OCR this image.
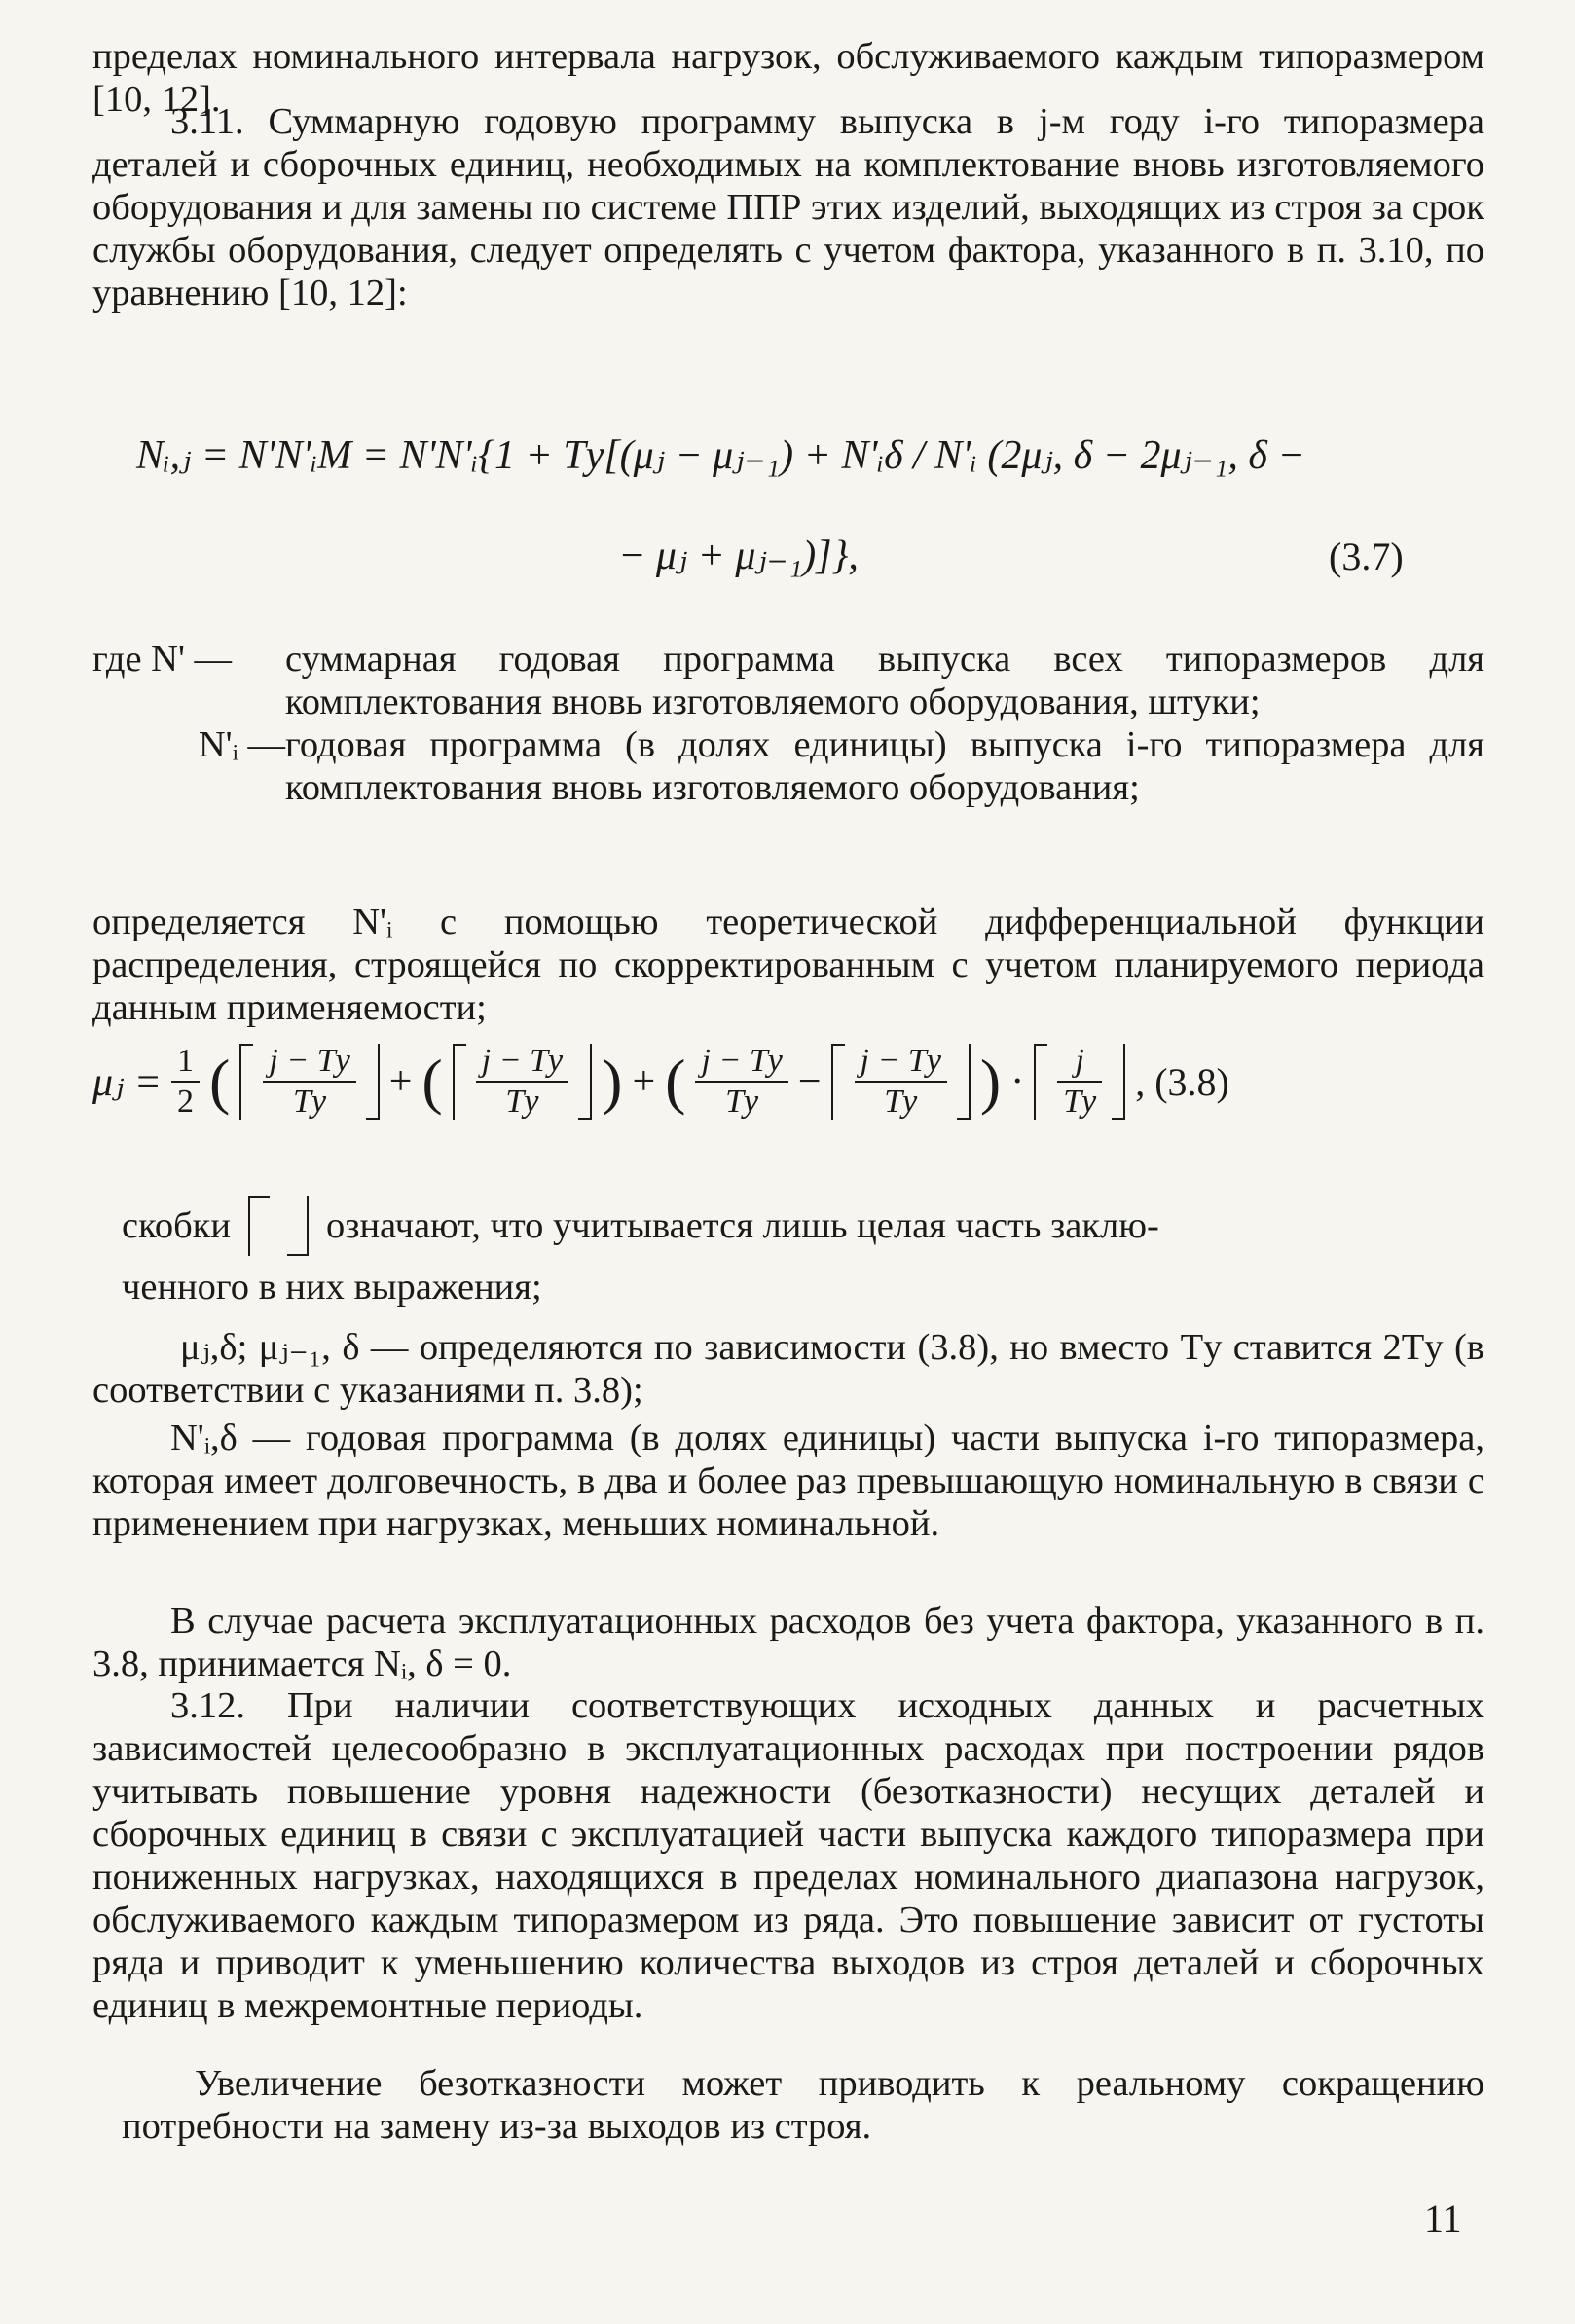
пределах номинального интервала нагрузок, обслуживаемого каждым типоразмером [10, 12].

3.11. Суммарную годовую программу выпуска в j-м году i-го типоразмера деталей и сборочных единиц, необходимых на комплектование вновь изготовляемого оборудования и для замены по системе ППР этих изделий, выходящих из строя за срок службы оборудования, следует определять с учетом фактора, указанного в п. 3.10, по уравнению [10, 12]:

Nᵢ,ⱼ = N'N'ᵢM = N'N'ᵢ{1 + Tу[(μⱼ − μⱼ₋₁) + N'ᵢδ / N'ᵢ (2μⱼ, δ − 2μⱼ₋₁, δ −
− μⱼ + μⱼ₋₁)]},	(3.7)
где N' —	суммарная годовая программа выпуска всех типоразмеров для комплектования вновь изготовляемого оборудования, штуки;
N'ᵢ — годовая программа (в долях единицы) выпуска i-го типоразмера для комплектования вновь изготовляемого оборудования;

определяется N'ᵢ с помощью теоретической дифференциальной функции распределения, строящейся по скорректированным с учетом планируемого периода данным применяемости;

μⱼ = $\frac{1}{2}$ ( $\frac{j - Tу}{Tу}$ + ( $\frac{j - Tу}{Tу}$ ) + ( $\frac{j - Tу}{Tу} - \frac{j - Tу}{Tу}$ ) · $\frac{j}{Tу}$ , (3.8)
скобки	означают, что учитывается лишь целая часть заклю-

ченного в них выражения;

μⱼ,δ; μⱼ₋₁, δ — определяются по зависимости (3.8), но вместо Tу ставится 2Tу (в соответствии с указаниями п. 3.8);

N'ᵢ,δ — годовая программа (в долях единицы) части выпуска i-го типоразмера, которая имеет долговечность, в два и более раз превышающую номинальную в связи с применением при нагрузках, меньших номинальной.

В случае расчета эксплуатационных расходов без учета фактора, указанного в п. 3.8, принимается Nᵢ, δ = 0.

3.12. При наличии соответствующих исходных данных и расчетных зависимостей целесообразно в эксплуатационных расходах при построении рядов учитывать повышение уровня надежности (безотказности) несущих деталей и сборочных единиц в связи с эксплуатацией части выпуска каждого типоразмера при пониженных нагрузках, находящихся в пределах номинального диапазона нагрузок, обслуживаемого каждым типоразмером из ряда. Это повышение зависит от густоты ряда и приводит к уменьшению количества выходов из строя деталей и сборочных единиц в межремонтные периоды.

Увеличение безотказности может приводить к реальному сокращению потребности на замену из-за выходов из строя.

11
